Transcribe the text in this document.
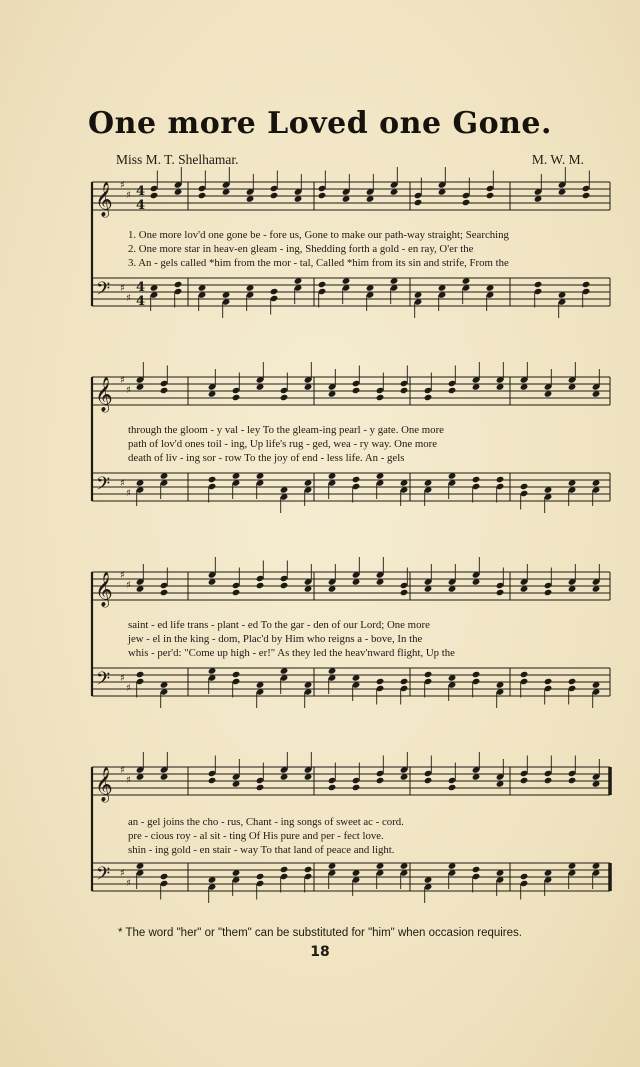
One more Loved one Gone.
Miss M. T. Shelhamar.	M. W. M.
𝄞
𝄢
♯
♯
♯
♯
4
4
4
4
1. One more lov'd one gone be - fore us, Gone to make our path-way straight; Searching
2. One more star in heav-en gleam - ing, Shedding forth a gold - en ray, O'er the
3. An - gels called *him from the mor - tal, Called *him from its sin and strife, From the
𝄞
𝄢
♯
♯
♯
♯
through the gloom - y val - ley To the gleam-ing pearl - y gate. One more
path of lov'd ones toil - ing, Up life's rug - ged, wea - ry way. One more
death of liv - ing sor - row To the joy of end - less life. An - gels
𝄞
𝄢
♯
♯
♯
♯
saint - ed life trans - plant - ed To the gar - den of our Lord; One more
jew - el in the king - dom, Plac'd by Him who reigns a - bove, In the
whis - per'd: "Come up high - er!" As they led the heav'nward flight, Up the
𝄞
𝄢
♯
♯
♯
♯
an - gel joins the cho - rus, Chant - ing songs of sweet ac - cord.
pre - cious roy - al sit - ting Of His pure and per - fect love.
shin - ing gold - en stair - way To that land of peace and light.
* The word "her" or "them" can be substituted for "him" when occasion requires.
18
